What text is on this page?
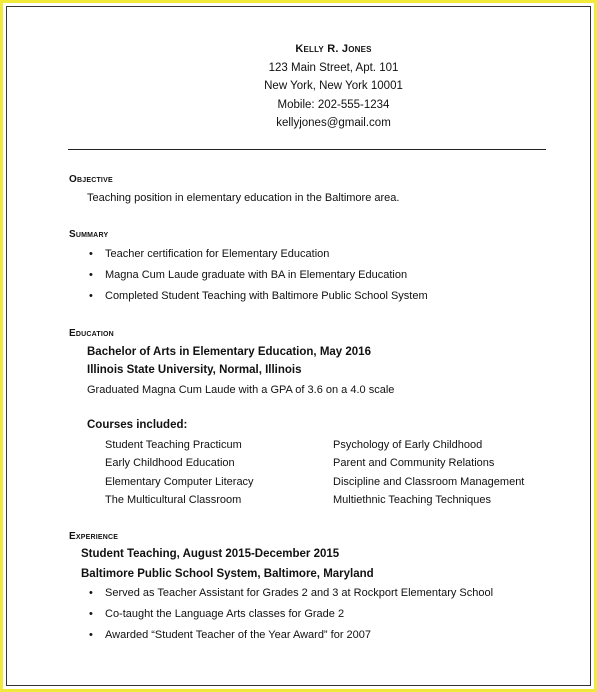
Kelly R. Jones
123 Main Street, Apt. 101
New York, New York 10001
Mobile: 202-555-1234
kellyjones@gmail.com
Objective
Teaching position in elementary education in the Baltimore area.
Summary
• Teacher certification for Elementary Education
• Magna Cum Laude graduate with BA in Elementary Education
• Completed Student Teaching with Baltimore Public School System
Education
Bachelor of Arts in Elementary Education, May 2016
Illinois State University, Normal, Illinois
Graduated Magna Cum Laude with a GPA of 3.6 on a 4.0 scale
Courses included:
Student Teaching Practicum
Early Childhood Education
Elementary Computer Literacy
The Multicultural Classroom
Psychology of Early Childhood
Parent and Community Relations
Discipline and Classroom Management
Multiethnic Teaching Techniques
Experience
Student Teaching, August 2015-December 2015
Baltimore Public School System, Baltimore, Maryland
• Served as Teacher Assistant for Grades 2 and 3 at Rockport Elementary School
• Co-taught the Language Arts classes for Grade 2
• Awarded “Student Teacher of the Year Award” for 2007
